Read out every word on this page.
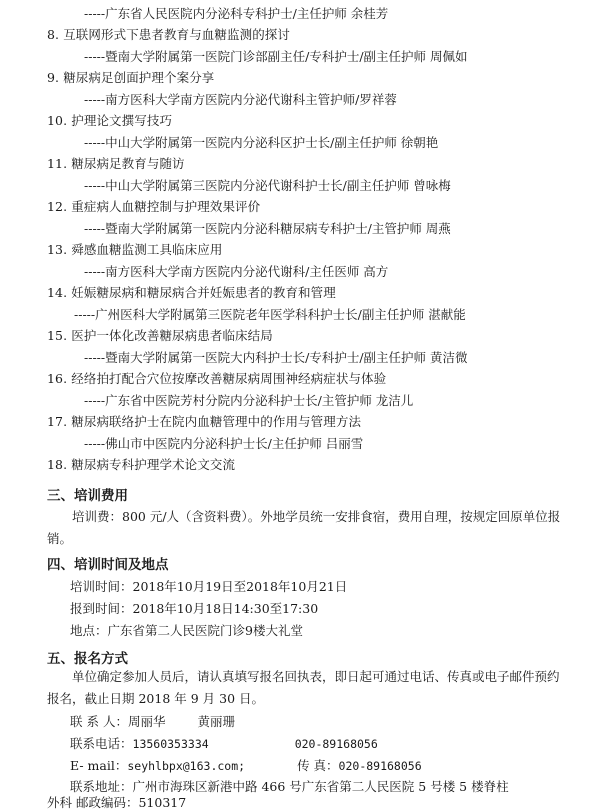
-----广东省人民医院内分泌科专科护士/主任护师 余桂芳
8. 互联网形式下患者教育与血糖监测的探讨
-----暨南大学附属第一医院门诊部副主任/专科护士/副主任护师 周佩如
9. 糖尿病足创面护理个案分享
-----南方医科大学南方医院内分泌代谢科主管护师/罗祥蓉
10. 护理论文撰写技巧
-----中山大学附属第一医院内分泌科区护士长/副主任护师 徐朝艳
11. 糖尿病足教育与随访
-----中山大学附属第三医院内分泌代谢科护士长/副主任护师 曾咏梅
12. 重症病人血糖控制与护理效果评价
-----暨南大学附属第一医院内分泌科糖尿病专科护士/主管护师 周燕
13. 舜感血糖监测工具临床应用
-----南方医科大学南方医院内分泌代谢科/主任医师 高方
14. 妊娠糖尿病和糖尿病合并妊娠患者的教育和管理
-----广州医科大学附属第三医院老年医学科科护士长/副主任护师 湛献能
15. 医护一体化改善糖尿病患者临床结局
-----暨南大学附属第一医院大内科护士长/专科护士/副主任护师 黄洁微
16. 经络拍打配合穴位按摩改善糖尿病周围神经病症状与体验
-----广东省中医院芳村分院内分泌科护士长/主管护师 龙洁儿
17. 糖尿病联络护士在院内血糖管理中的作用与管理方法
-----佛山市中医院内分泌科护士长/主任护师 吕丽雪
18. 糖尿病专科护理学术论文交流
三、培训费用
培训费：800 元/人（含资料费）。外地学员统一安排食宿，费用自理，按规定回原单位报销。
四、培训时间及地点
培训时间：2018年10月19日至2018年10月21日
报到时间：2018年10月18日14:30至17:30
地点：广东省第二人民医院门诊9楼大礼堂
五、报名方式
单位确定参加人员后，请认真填写报名回执表，即日起可通过电话、传真或电子邮件预约报名，截止日期 2018 年 9 月 30 日。
联 系 人：周丽华	黄丽珊
联系电话：13560353334	020-89168056
E- mail：seyhlbpx@163.com;	传 真：020-89168056
联系地址：广州市海珠区新港中路 466 号广东省第二人民医院 5 号楼 5 楼脊柱
外科 邮政编码：510317
